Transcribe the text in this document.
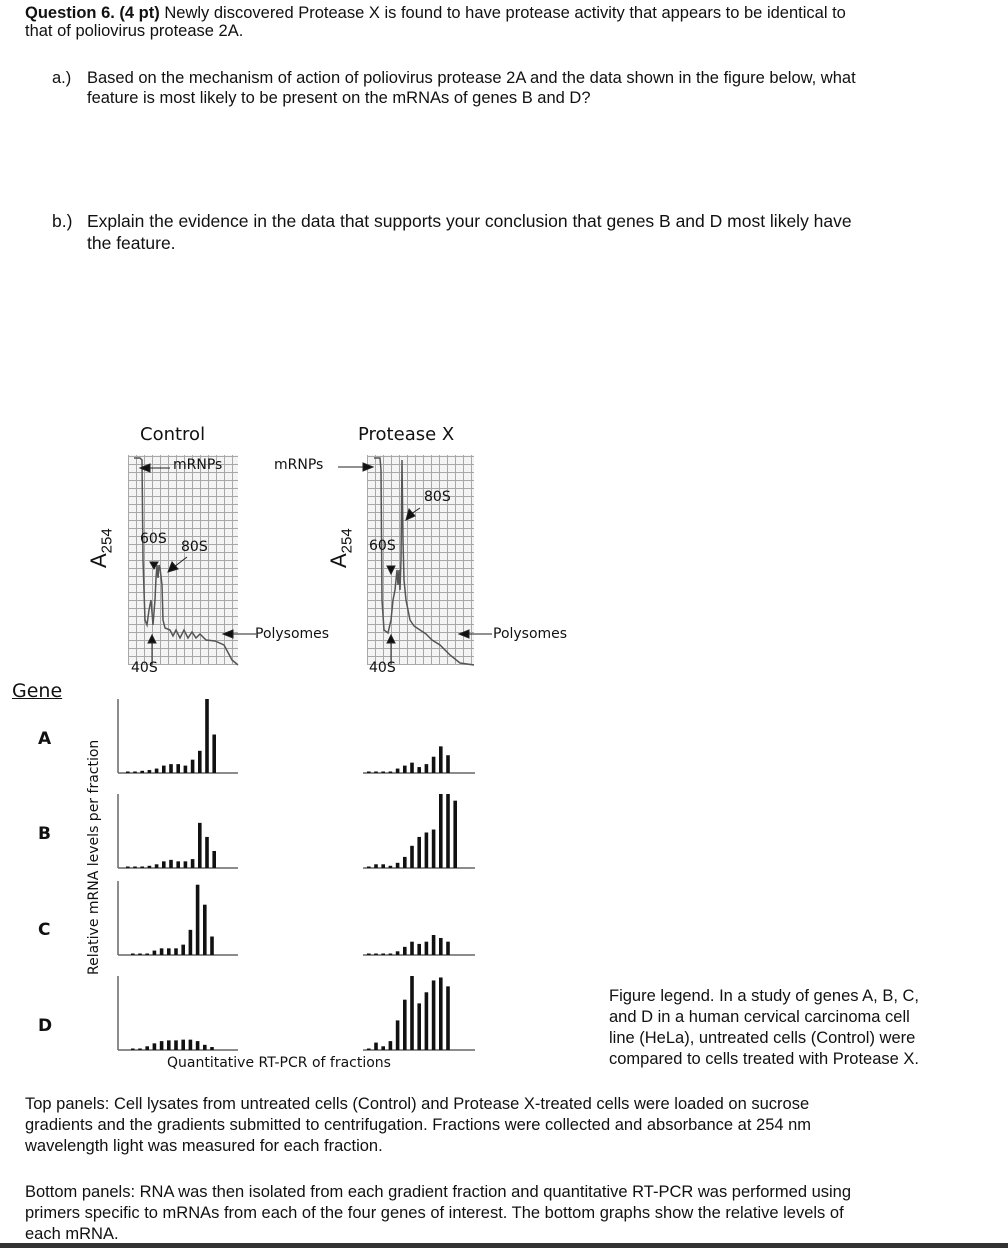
Question 6. (4 pt) Newly discovered Protease X is found to have protease activity that appears to be identical to
that of poliovirus protease 2A.
a.) Based on the mechanism of action of poliovirus protease 2A and the data shown in the figure below, what
feature is most likely to be present on the mRNAs of genes B and D?
b.) Explain the evidence in the data that supports your conclusion that genes B and D most likely have
the feature.
Control	Protease X
mRNPs	mRNPs
60S 80S
40S
Polysomes
60S
80S
40S
Polysomes
$A_{254}$
$A_{254}$
Gene
A
B
C
D
Relative mRNA levels per fraction
Quantitative RT-PCR of fractions
Figure legend. In a study of genes A, B, C,
and D in a human cervical carcinoma cell
line (HeLa), untreated cells (Control) were
compared to cells treated with Protease X.
Top panels: Cell lysates from untreated cells (Control) and Protease X-treated cells were loaded on sucrose
gradients and the gradients submitted to centrifugation. Fractions were collected and absorbance at 254 nm
wavelength light was measured for each fraction.
Bottom panels: RNA was then isolated from each gradient fraction and quantitative RT-PCR was performed using
primers specific to mRNAs from each of the four genes of interest. The bottom graphs show the relative levels of
each mRNA.
